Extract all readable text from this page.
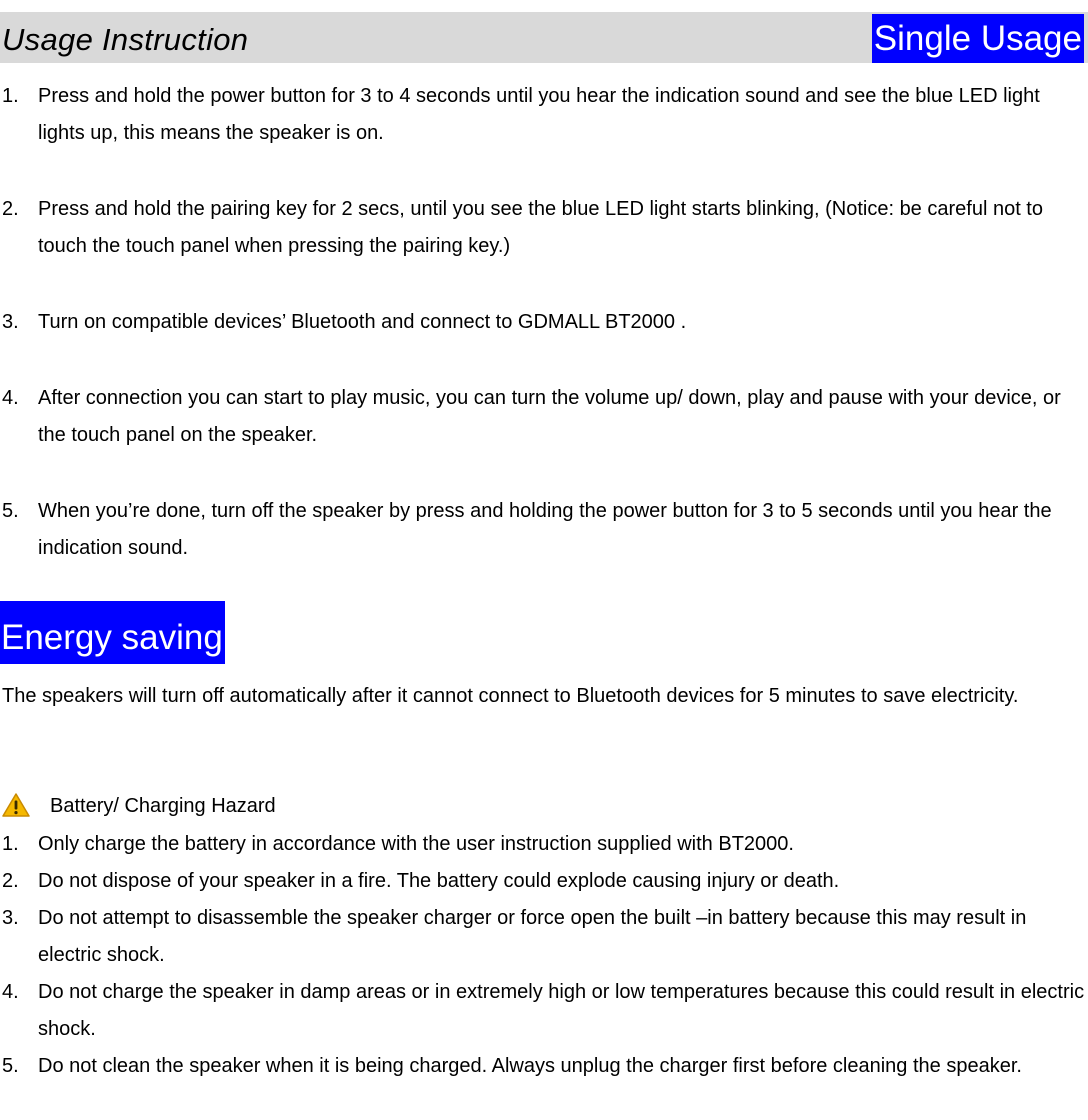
Usage Instruction	Single Usage
1. Press and hold the power button for 3 to 4 seconds until you hear the indication sound and see the blue LED light lights up, this means the speaker is on.
2. Press and hold the pairing key for 2 secs, until you see the blue LED light starts blinking, (Notice: be careful not to touch the touch panel when pressing the pairing key.)
3. Turn on compatible devices’ Bluetooth and connect to GDMALL BT2000 .
4. After connection you can start to play music, you can turn the volume up/ down, play and pause with your device, or the touch panel on the speaker.
5. When you’re done, turn off the speaker by press and holding the power button for 3 to 5 seconds until you hear the indication sound.
Energy saving
The speakers will turn off automatically after it cannot connect to Bluetooth devices for 5 minutes to save electricity.
Battery/ Charging Hazard
1. Only charge the battery in accordance with the user instruction supplied with BT2000.
2. Do not dispose of your speaker in a fire. The battery could explode causing injury or death.
3. Do not attempt to disassemble the speaker charger or force open the built –in battery because this may result in electric shock.
4. Do not charge the speaker in damp areas or in extremely high or low temperatures because this could result in electric shock.
5. Do not clean the speaker when it is being charged. Always unplug the charger first before cleaning the speaker.
